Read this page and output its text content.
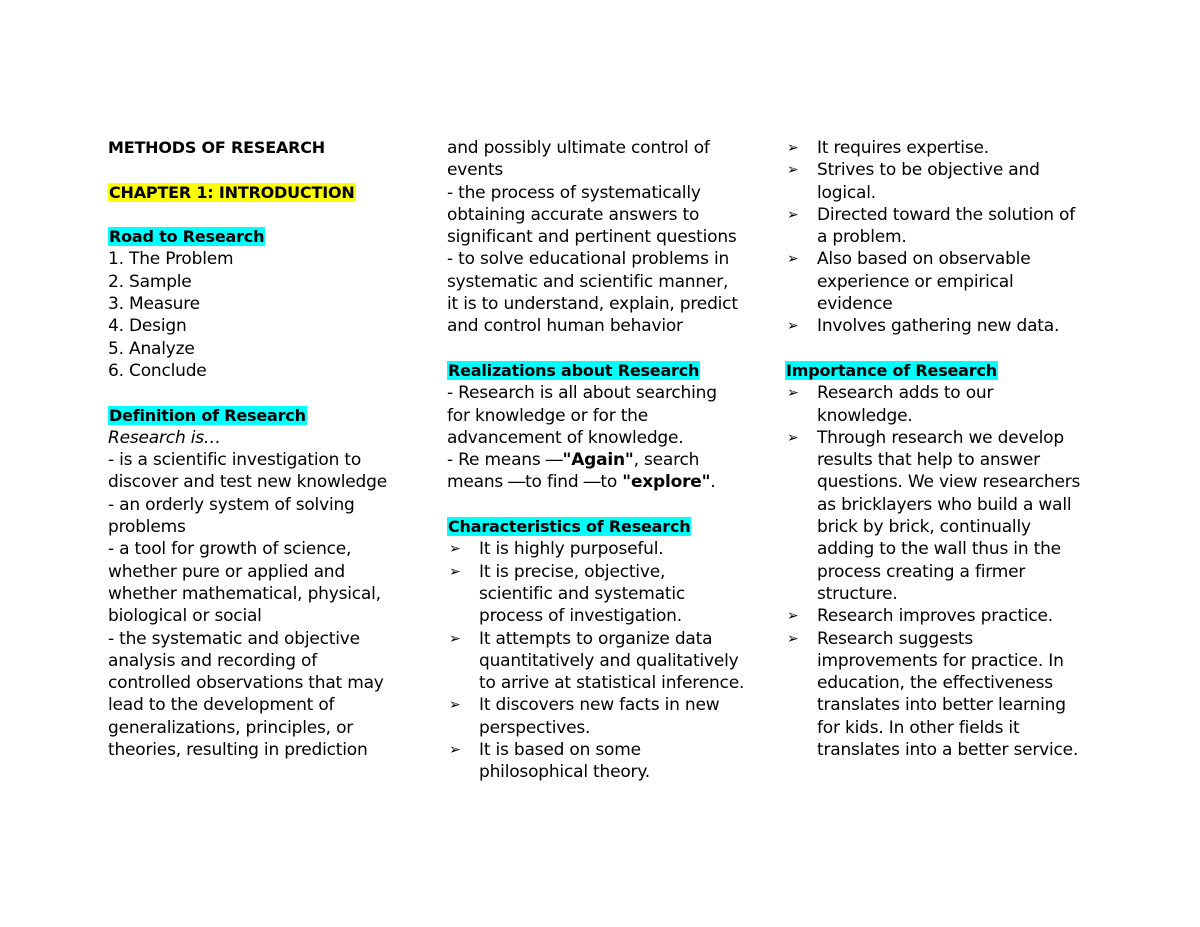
METHODS OF RESEARCH
CHAPTER 1: INTRODUCTION
Road to Research
1. The Problem
2. Sample
3. Measure
4. Design
5. Analyze
6. Conclude
Definition of Research
Research is…
- is a scientific investigation to
discover and test new knowledge
- an orderly system of solving
problems
- a tool for growth of science,
whether pure or applied and
whether mathematical, physical,
biological or social
- the systematic and objective
analysis and recording of
controlled observations that may
lead to the development of
generalizations, principles, or
theories, resulting in prediction
and possibly ultimate control of
events
- the process of systematically
obtaining accurate answers to
significant and pertinent questions
- to solve educational problems in
systematic and scientific manner,
it is to understand, explain, predict
and control human behavior
Realizations about Research
- Research is all about searching
for knowledge or for the
advancement of knowledge.
- Re means ―"Again", search
means ―to find ―to "explore".
Characteristics of Research
➢ It is highly purposeful.
➢ It is precise, objective,
scientific and systematic
process of investigation.
➢ It attempts to organize data
quantitatively and qualitatively
to arrive at statistical inference.
➢ It discovers new facts in new
perspectives.
➢ It is based on some
philosophical theory.
➢ It requires expertise.
➢ Strives to be objective and
logical.
➢ Directed toward the solution of
a problem.
➢ Also based on observable
experience or empirical
evidence
➢ Involves gathering new data.
Importance of Research
➢ Research adds to our
knowledge.
➢ Through research we develop
results that help to answer
questions. We view researchers
as bricklayers who build a wall
brick by brick, continually
adding to the wall thus in the
process creating a firmer
structure.
➢ Research improves practice.
➢ Research suggests
improvements for practice. In
education, the effectiveness
translates into better learning
for kids. In other fields it
translates into a better service.
